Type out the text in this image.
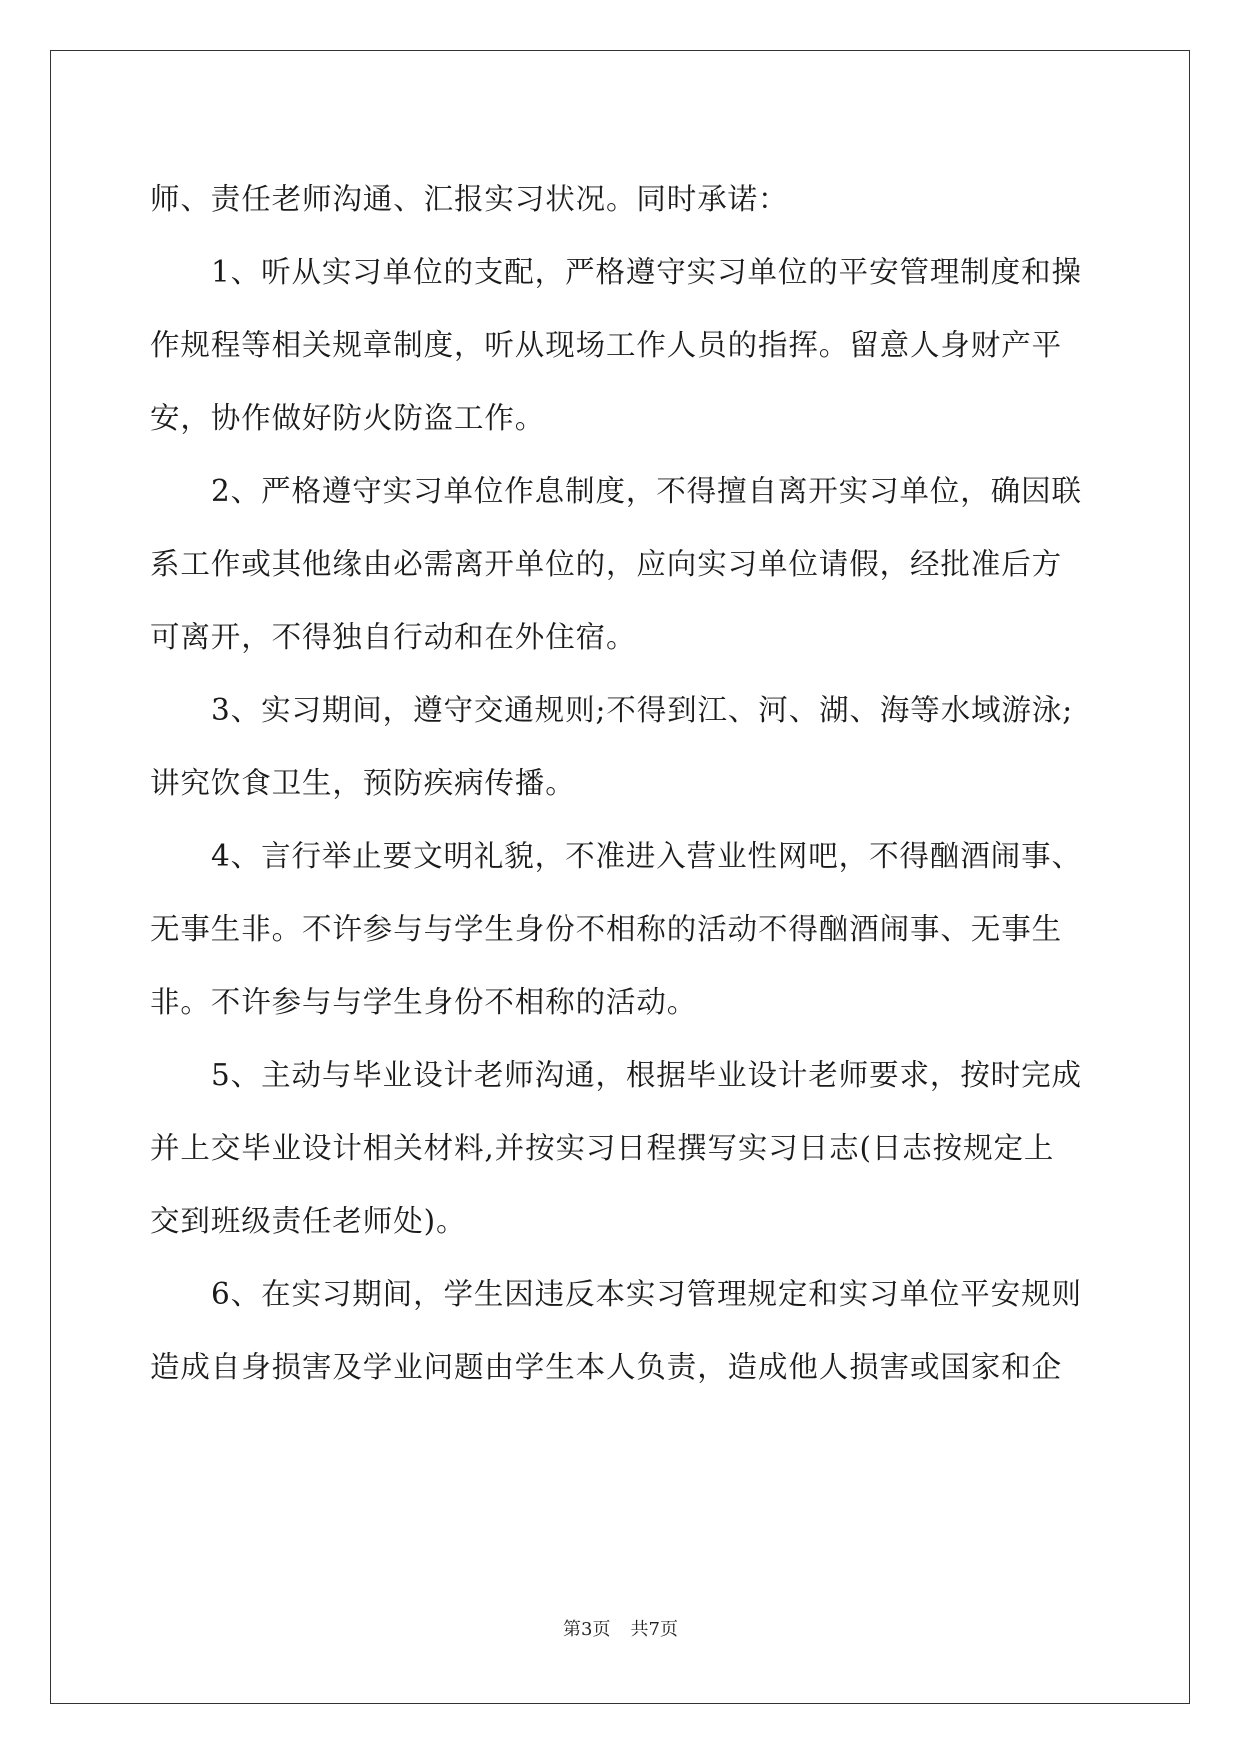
师、责任老师沟通、汇报实习状况。同时承诺：
1、听从实习单位的支配，严格遵守实习单位的平安管理制度和操
作规程等相关规章制度，听从现场工作人员的指挥。留意人身财产平
安，协作做好防火防盗工作。
2、严格遵守实习单位作息制度，不得擅自离开实习单位，确因联
系工作或其他缘由必需离开单位的，应向实习单位请假，经批准后方
可离开，不得独自行动和在外住宿。
3、实习期间，遵守交通规则;不得到江、河、湖、海等水域游泳;
讲究饮食卫生，预防疾病传播。
4、言行举止要文明礼貌，不准进入营业性网吧，不得酗酒闹事、
无事生非。不许参与与学生身份不相称的活动不得酗酒闹事、无事生
非。不许参与与学生身份不相称的活动。
5、主动与毕业设计老师沟通，根据毕业设计老师要求，按时完成
并上交毕业设计相关材料,并按实习日程撰写实习日志(日志按规定上
交到班级责任老师处)。
6、在实习期间，学生因违反本实习管理规定和实习单位平安规则
造成自身损害及学业问题由学生本人负责，造成他人损害或国家和企
第3页 共7页
